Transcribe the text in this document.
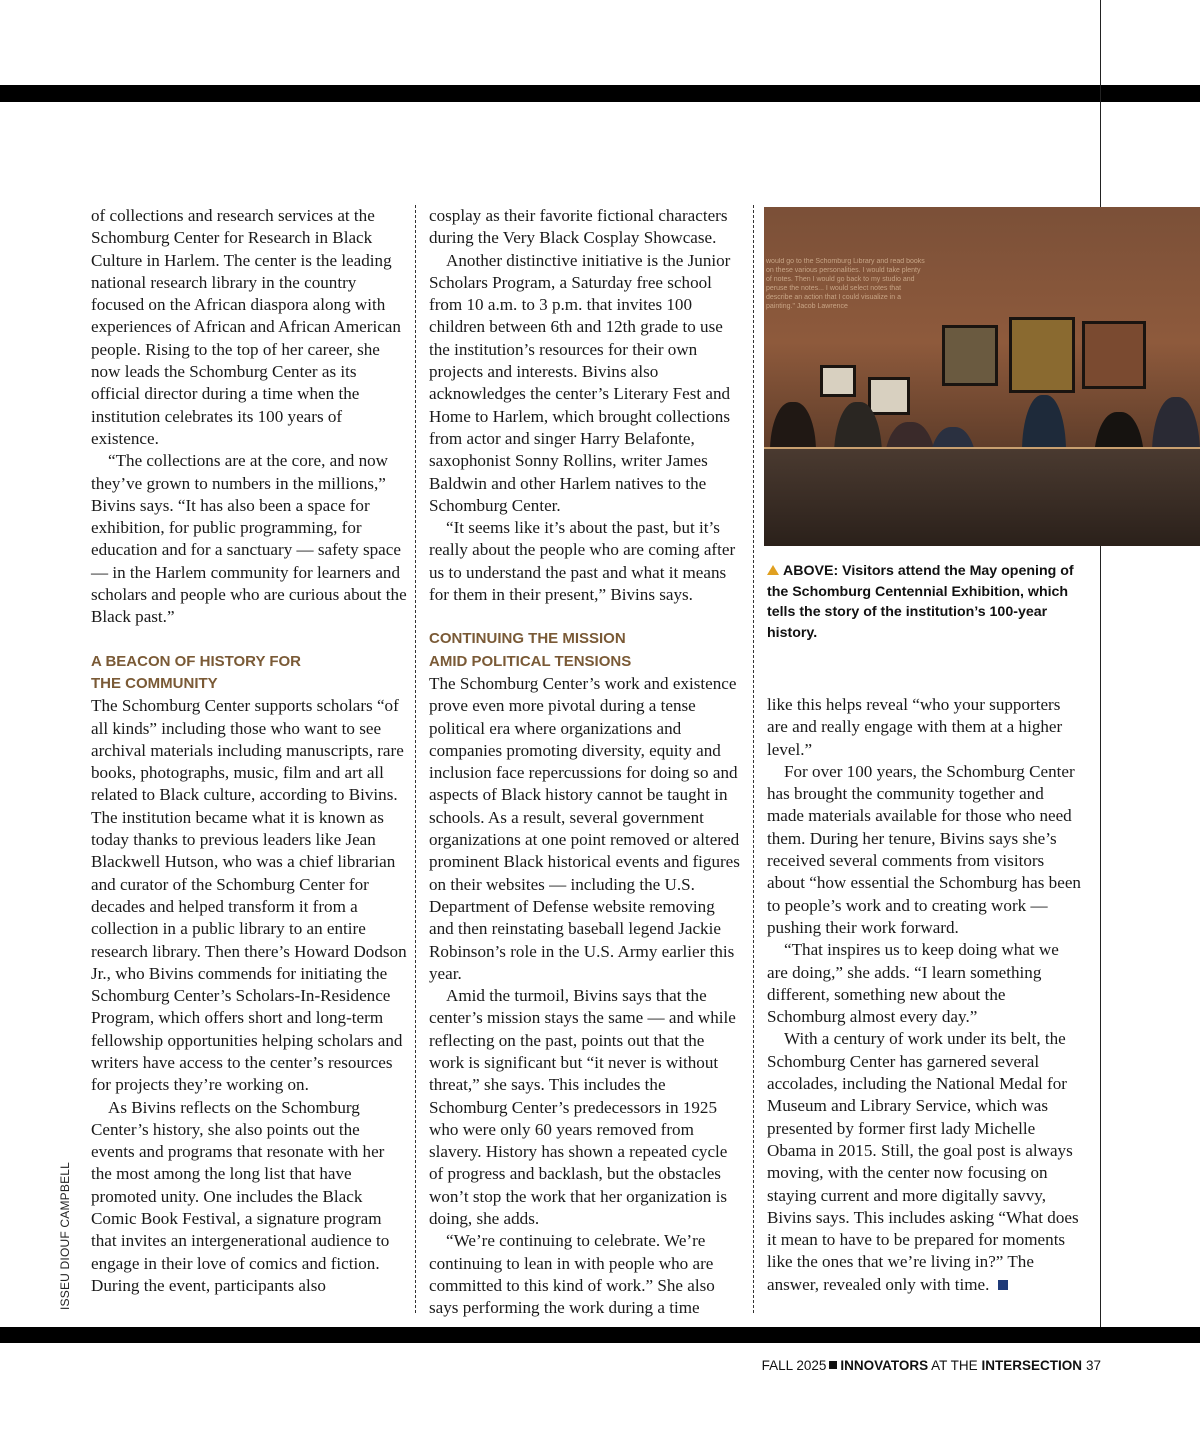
of collections and research services at the Schomburg Center for Research in Black Culture in Harlem. The center is the leading national research library in the country focused on the African diaspora along with experiences of African and African American people. Rising to the top of her career, she now leads the Schomburg Center as its official director during a time when the institution celebrates its 100 years of existence.

“The collections are at the core, and now they’ve grown to numbers in the millions,” Bivins says. “It has also been a space for exhibition, for public programming, for education and for a sanctuary — safety space — in the Harlem community for learners and scholars and people who are curious about the Black past.”

A BEACON OF HISTORY FOR
THE COMMUNITY

The Schomburg Center supports scholars “of all kinds” including those who want to see archival materials including manuscripts, rare books, photographs, music, film and art all related to Black culture, according to Bivins. The institution became what it is known as today thanks to previous leaders like Jean Blackwell Hutson, who was a chief librarian and curator of the Schomburg Center for decades and helped transform it from a collection in a public library to an entire research library. Then there’s Howard Dodson Jr., who Bivins commends for initiating the Schomburg Center’s Scholars-In-Residence Program, which offers short and long-term fellowship opportunities helping scholars and writers have access to the center’s resources for projects they’re working on.

As Bivins reflects on the Schomburg Center’s history, she also points out the events and programs that resonate with her the most among the long list that have promoted unity. One includes the Black Comic Book Festival, a signature program that invites an intergenerational audience to engage in their love of comics and fiction. During the event, participants also

cosplay as their favorite fictional characters during the Very Black Cosplay Showcase.

Another distinctive initiative is the Junior Scholars Program, a Saturday free school from 10 a.m. to 3 p.m. that invites 100 children between 6th and 12th grade to use the institution’s resources for their own projects and interests. Bivins also acknowledges the center’s Literary Fest and Home to Harlem, which brought collections from actor and singer Harry Belafonte, saxophonist Sonny Rollins, writer James Baldwin and other Harlem natives to the Schomburg Center.

“It seems like it’s about the past, but it’s really about the people who are coming after us to understand the past and what it means for them in their present,” Bivins says.

CONTINUING THE MISSION
AMID POLITICAL TENSIONS

The Schomburg Center’s work and existence prove even more pivotal during a tense political era where organizations and companies promoting diversity, equity and inclusion face repercussions for doing so and aspects of Black history cannot be taught in schools. As a result, several government organizations at one point removed or altered prominent Black historical events and figures on their websites — including the U.S. Department of Defense website removing and then reinstating baseball legend Jackie Robinson’s role in the U.S. Army earlier this year.

Amid the turmoil, Bivins says that the center’s mission stays the same — and while reflecting on the past, points out that the work is significant but “it never is without threat,” she says. This includes the Schomburg Center’s predecessors in 1925 who were only 60 years removed from slavery. History has shown a repeated cycle of progress and backlash, but the obstacles won’t stop the work that her organization is doing, she adds.

“We’re continuing to celebrate. We’re continuing to lean in with people who are committed to this kind of work.” She also says performing the work during a time

would go to the Schomburg Library and read books on these various personalities. I would take plenty of notes. Then I would go back to my studio and peruse the notes... I would select notes that describe an action that I could visualize in a painting." Jacob Lawrence

ABOVE: Visitors attend the May opening of the Schomburg Centennial Exhibition, which tells the story of the institution’s 100-year history.

like this helps reveal “who your supporters are and really engage with them at a higher level.”

For over 100 years, the Schomburg Center has brought the community together and made materials available for those who need them. During her tenure, Bivins says she’s received several comments from visitors about “how essential the Schomburg has been to people’s work and to creating work — pushing their work forward.

“That inspires us to keep doing what we are doing,” she adds. “I learn something different, something new about the Schomburg almost every day.”

With a century of work under its belt, the Schomburg Center has garnered several accolades, including the National Medal for Museum and Library Service, which was presented by former first lady Michelle Obama in 2015. Still, the goal post is always moving, with the center now focusing on staying current and more digitally savvy, Bivins says. This includes asking “What does it mean to have to be prepared for moments like the ones that we’re living in?” The answer, revealed only with time.

ISSEU DIOUF CAMPBELL
FALL 2025 INNOVATORS AT THE INTERSECTION 37
